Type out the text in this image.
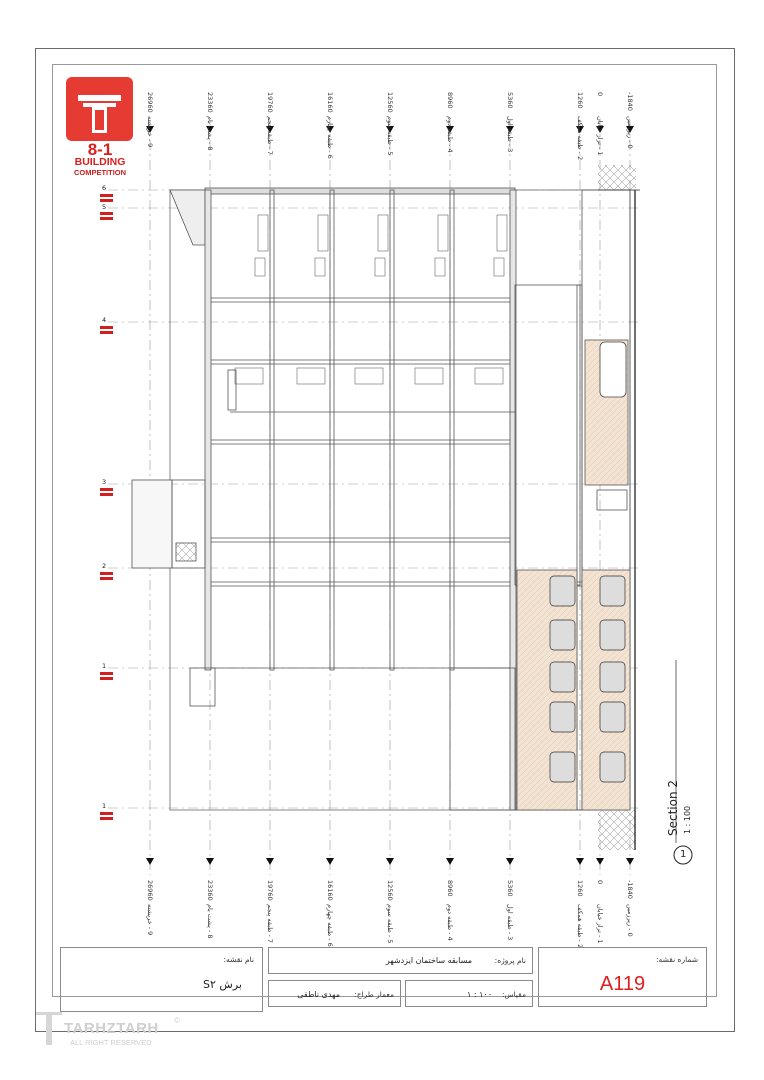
8-1
BUILDING
COMPETITION
6
5
4
3
2
1
1
26960
9 - خرپشته
23360
8 - پشت بام
19760
7 - طبقه پنجم
16160
6 - طبقه چهارم
12560
5 - طبقه سوم
8960
4 - طبقه دوم
5360
3 - طبقه اول
1260
2 - طبقه همکف
0
1 - تراز خیابان
-1840
0 - زیرزمین
26960
9 - خرپشته
23360
8 - پشت بام
19760
7 - طبقه پنجم
16160
6 - طبقه چهارم
12560
5 - طبقه سوم
8960
4 - طبقه دوم
5360
3 - طبقه اول
1260
2 - طبقه همکف
0
1 - تراز خیابان
-1840
0 - زیرزمین
Section 2 1 : 100
1
نام نقشه:
برش S۲
نام پروژه:
مسابقه ساختمان ایزدشهر
معمار طراح:
مهدی ناطقی	مقیاس:
۱۰۰ : ۱
شماره نقشه:
A119
TARHZTARH
ALL RIGHT RESERVED
©
